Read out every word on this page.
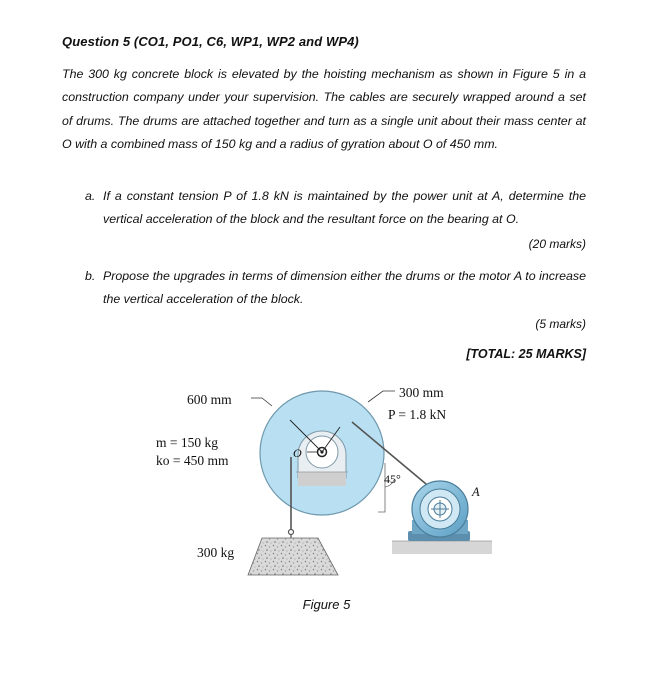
Question 5 (CO1, PO1, C6, WP1, WP2 and WP4)
The 300 kg concrete block is elevated by the hoisting mechanism as shown in Figure 5 in a construction company under your supervision. The cables are securely wrapped around a set of drums. The drums are attached together and turn as a single unit about their mass center at O with a combined mass of 150 kg and a radius of gyration about O of 450 mm.
a. If a constant tension P of 1.8 kN is maintained by the power unit at A, determine the vertical acceleration of the block and the resultant force on the bearing at O.
(20 marks)
b. Propose the upgrades in terms of dimension either the drums or the motor A to increase the vertical acceleration of the block.
(5 marks)
[TOTAL: 25 MARKS]
600 mm	300 mm
P = 1.8 kN
m = 150 kg
ko = 450 mm	O
45°
A
300 kg
Figure 5
